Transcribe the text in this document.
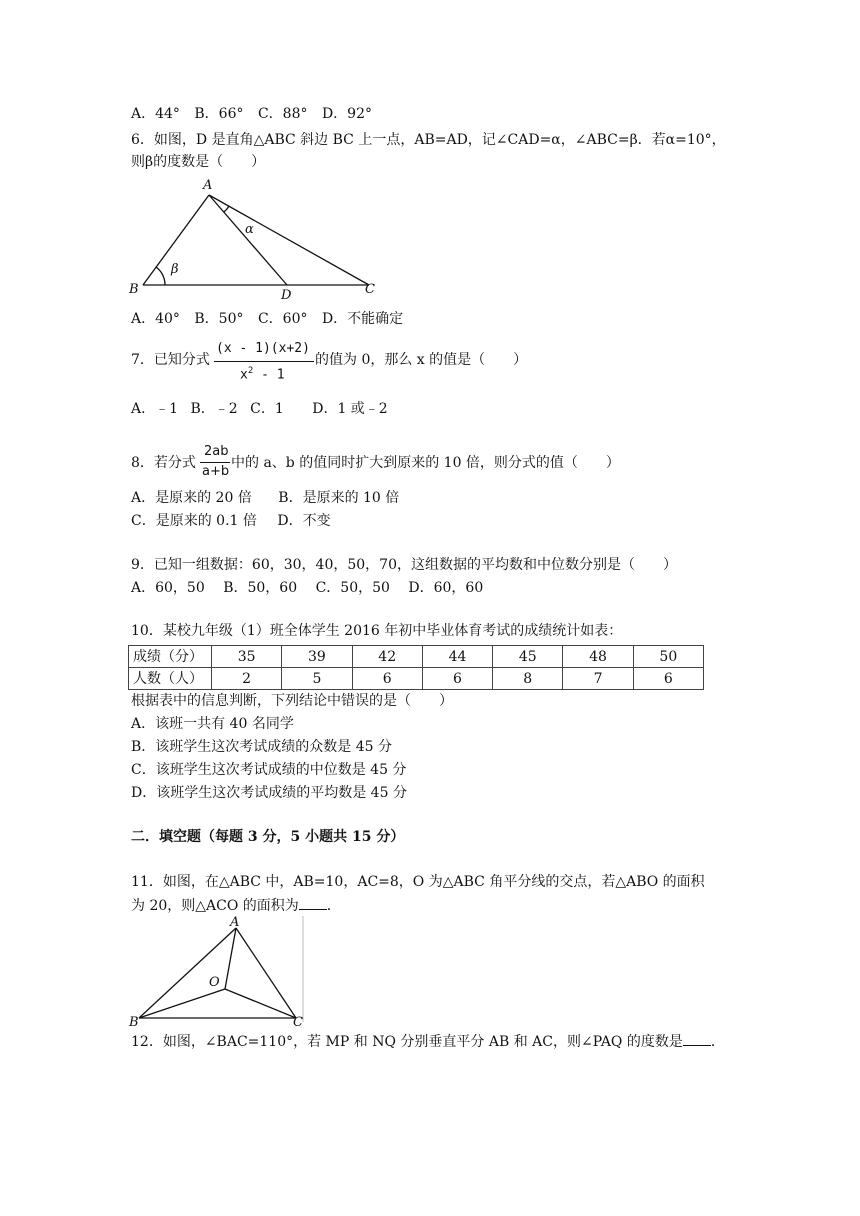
A．44° B．66° C．88° D．92°
6．如图，D 是直角△ABC 斜边 BC 上一点，AB=AD，记∠CAD=α，∠ABC=β．若α=10°，
则β的度数是（　　）
A
B	C
D
α
β
A．40° B．50° C．60° D．不能确定
7．已知分式
(x - 1)(x+2)
$x^2 - 1$
的值为 0，那么 x 的值是（　　）
A．﹣1 B．﹣2 C．1 D．1 或﹣2
8．若分式
2ab
a+b
中的 a、b 的值同时扩大到原来的 10 倍，则分式的值（　　）
A．是原来的 20 倍 B．是原来的 10 倍
C．是原来的 0.1 倍 D．不变
9．已知一组数据：60，30，40，50，70，这组数据的平均数和中位数分别是（　　）
A．60，50 B．50，60 C．50，50 D．60，60
10．某校九年级（1）班全体学生 2016 年初中毕业体育考试的成绩统计如表：
成绩（分）	35	39	42	44	45	48	50
人数（人）	2	5	6	6	8	7	6
根据表中的信息判断，下列结论中错误的是（　　）
A．该班一共有 40 名同学
B．该班学生这次考试成绩的众数是 45 分
C．该班学生这次考试成绩的中位数是 45 分
D．该班学生这次考试成绩的平均数是 45 分
二．填空题（每题 3 分，5 小题共 15 分）
11．如图，在△ABC 中，AB=10，AC=8，O 为△ABC 角平分线的交点，若△ABO 的面积
为 20，则△ACO 的面积为 ．
A
B	C
O
12．如图，∠BAC=110°，若 MP 和 NQ 分别垂直平分 AB 和 AC，则∠PAQ 的度数是 ．
